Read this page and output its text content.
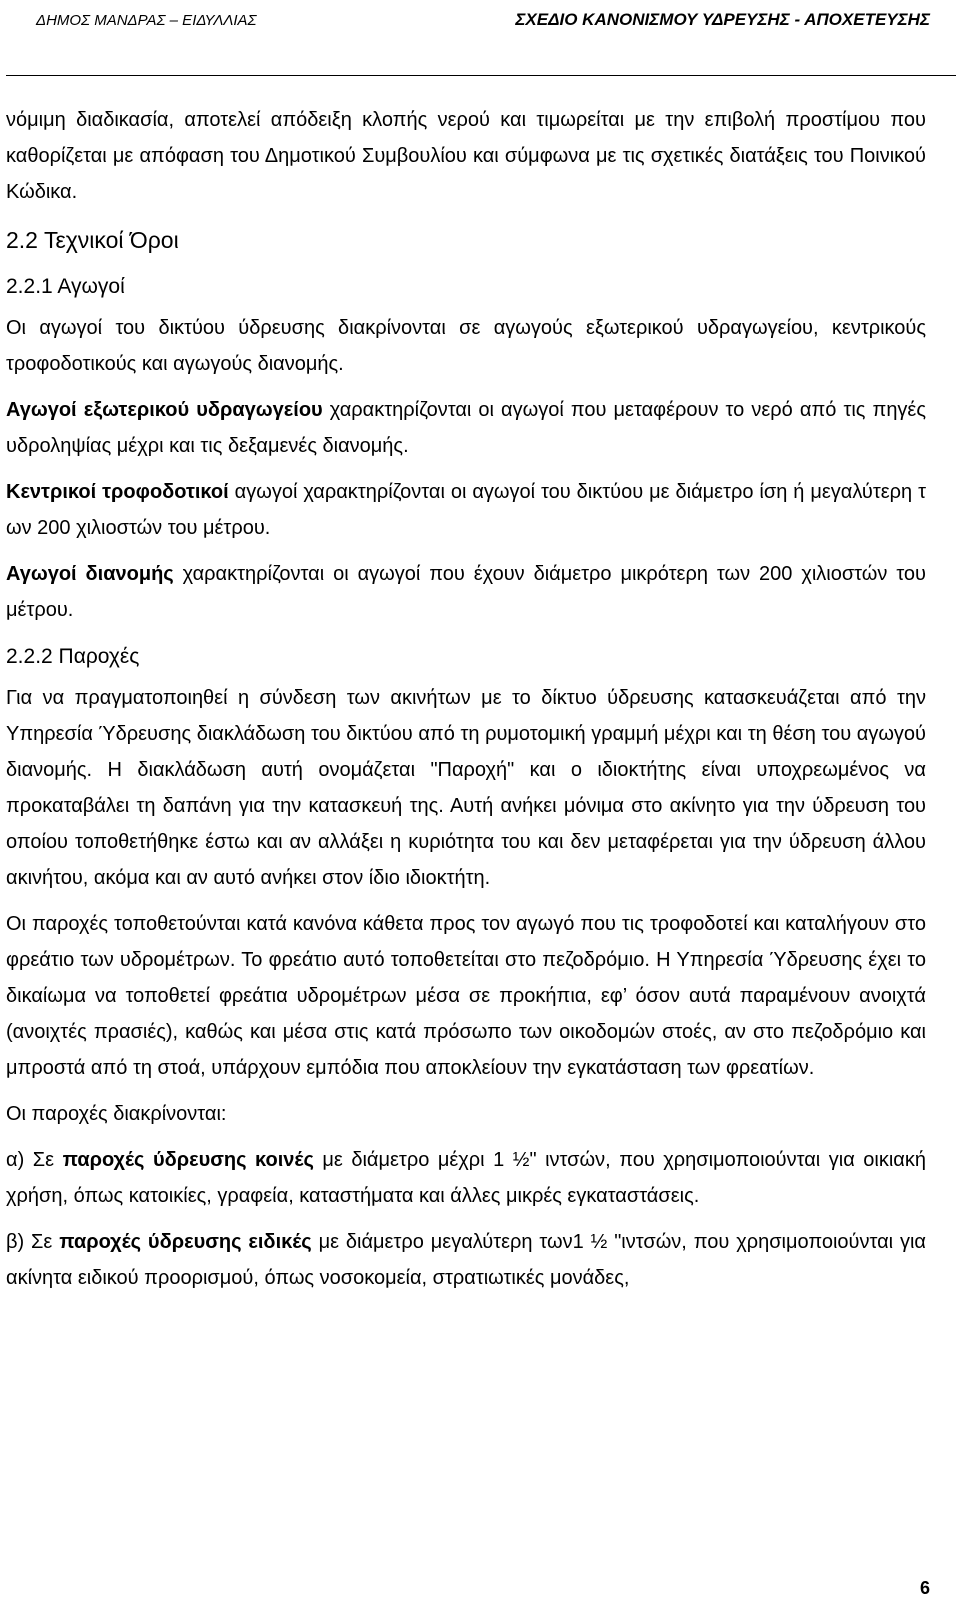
ΔΗΜΟΣ ΜΑΝΔΡΑΣ – ΕΙΔΥΛΛΙΑΣ	ΣΧΕΔΙΟ ΚΑΝΟΝΙΣΜΟΥ ΥΔΡΕΥΣΗΣ - ΑΠΟΧΕΤΕΥΣΗΣ

νόμιμη διαδικασία, αποτελεί απόδειξη κλοπής νερού και τιμωρείται με την επιβολή προστίμου που καθορίζεται με απόφαση του Δημοτικού Συμβουλίου και σύμφωνα με τις σχετικές διατάξεις του Ποινικού Κώδικα.

2.2 Τεχνικοί Όροι
2.2.1 Αγωγοί

Οι αγωγοί του δικτύου ύδρευσης διακρίνονται σε αγωγούς εξωτερικού υδραγωγείου, κεντρικούς τροφοδοτικούς και αγωγούς διανομής.

Αγωγοί εξωτερικού υδραγωγείου χαρακτηρίζονται οι αγωγοί που μεταφέρουν το νερό από τις πηγές υδροληψίας μέχρι και τις δεξαμενές διανομής.

Κεντρικοί τροφοδοτικοί αγωγοί χαρακτηρίζονται οι αγωγοί του δικτύου με διάμετρο ίση ή μεγαλύτερη τ ων 200 χιλιοστών του μέτρου.

Αγωγοί διανομής χαρακτηρίζονται οι αγωγοί που έχουν διάμετρο μικρότερη των 200 χιλιοστών του μέτρου.

2.2.2 Παροχές

Για να πραγματοποιηθεί η σύνδεση των ακινήτων με το δίκτυο ύδρευσης κατασκευάζεται από την Υπηρεσία Ύδρευσης διακλάδωση του δικτύου από τη ρυμοτομική γραμμή μέχρι και τη θέση του αγωγού διανομής. Η διακλάδωση αυτή ονομάζεται "Παροχή" και ο ιδιοκτήτης είναι υποχρεωμένος να προκαταβάλει τη δαπάνη για την κατασκευή της. Αυτή ανήκει μόνιμα στο ακίνητο για την ύδρευση του οποίου τοποθετήθηκε έστω και αν αλλάξει η κυριότητα του και δεν μεταφέρεται για την ύδρευση άλλου ακινήτου, ακόμα και αν αυτό ανήκει στον ίδιο ιδιοκτήτη.

Οι παροχές τοποθετούνται κατά κανόνα κάθετα προς τον αγωγό που τις τροφοδοτεί και καταλήγουν στο φρεάτιο των υδρομέτρων. Το φρεάτιο αυτό τοποθετείται στο πεζοδρόμιο. Η Υπηρεσία Ύδρευσης έχει το δικαίωμα να τοποθετεί φρεάτια υδρομέτρων μέσα σε προκήπια, εφ’ όσον αυτά παραμένουν ανοιχτά (ανοιχτές πρασιές), καθώς και μέσα στις κατά πρόσωπο των οικοδομών στοές, αν στο πεζοδρόμιο και μπροστά από τη στοά, υπάρχουν εμπόδια που αποκλείουν την εγκατάσταση των φρεατίων.

Οι παροχές διακρίνονται:

α) Σε παροχές ύδρευσης κοινές με διάμετρο μέχρι 1 ½" ιντσών, που χρησιμοποιούνται για οικιακή χρήση, όπως κατοικίες, γραφεία, καταστήματα και άλλες μικρές εγκαταστάσεις.

β) Σε παροχές ύδρευσης ειδικές με διάμετρο μεγαλύτερη των1 ½ "ιντσών, που χρησιμοποιούνται για ακίνητα ειδικού προορισμού, όπως νοσοκομεία, στρατιωτικές μονάδες,

6
